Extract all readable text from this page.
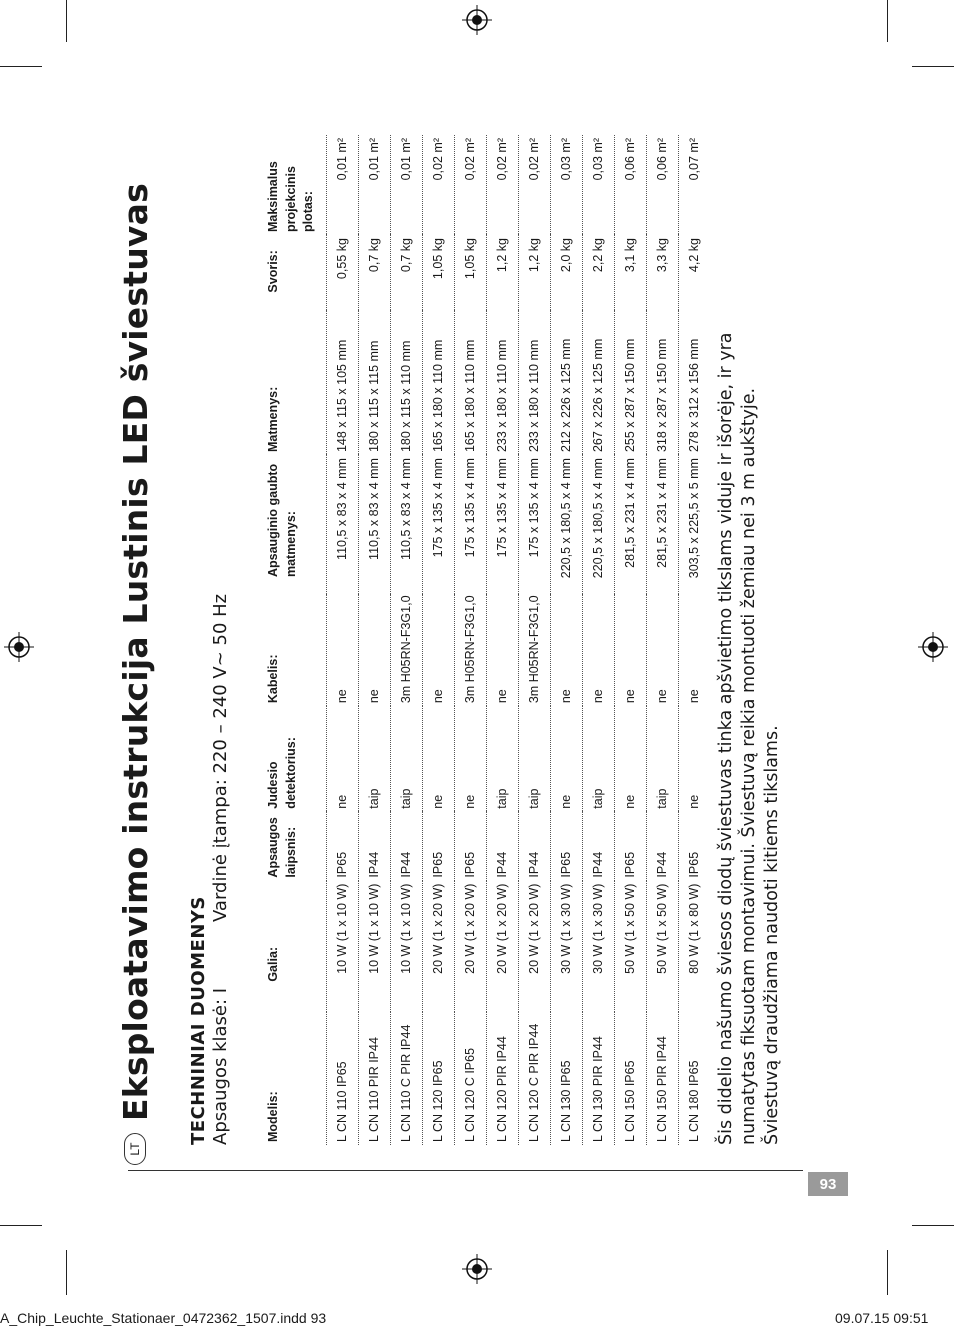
93
LT
Eksploatavimo instrukcija Lustinis LED šviestuvas TECHNINIAI DUOMENYS Apsaugos klasė: I
Vardinė įtampa: 220 – 240 V~ 50 Hz
Modelis:	Galia:	Apsaugos laipsnis:	Judesio detektorius:	Kabelis:	Apsauginio gaubto matmenys:	Matmenys:	Svoris:	Maksimalus projekcinis plotas:
L CN 110 IP65	10 W (1 x 10 W)	IP65	ne	ne	110,5 x 83 x 4 mm	148 x 115 x 105 mm	0,55 kg	0,01 m²
L CN 110 PIR IP44	10 W (1 x 10 W)	IP44	taip	ne	110,5 x 83 x 4 mm	180 x 115 x 115 mm	0,7 kg	0,01 m²
L CN 110 C PIR IP44	10 W (1 x 10 W)	IP44	taip	3m H05RN-F3G1,0	110,5 x 83 x 4 mm	180 x 115 x 110 mm	0,7 kg	0,01 m²
L CN 120 IP65	20 W (1 x 20 W)	IP65	ne	ne	175 x 135 x 4 mm	165 x 180 x 110 mm	1,05 kg	0,02 m²
L CN 120 C IP65	20 W (1 x 20 W)	IP65	ne	3m H05RN-F3G1,0	175 x 135 x 4 mm	165 x 180 x 110 mm	1,05 kg	0,02 m²
L CN 120 PIR IP44	20 W (1 x 20 W)	IP44	taip	ne	175 x 135 x 4 mm	233 x 180 x 110 mm	1,2 kg	0,02 m²
L CN 120 C PIR IP44	20 W (1 x 20 W)	IP44	taip	3m H05RN-F3G1,0	175 x 135 x 4 mm	233 x 180 x 110 mm	1,2 kg	0,02 m²
L CN 130 IP65	30 W (1 x 30 W)	IP65	ne	ne	220,5 x 180,5 x 4 mm	212 x 226 x 125 mm	2,0 kg	0,03 m²
L CN 130 PIR IP44	30 W (1 x 30 W)	IP44	taip	ne	220,5 x 180,5 x 4 mm	267 x 226 x 125 mm	2,2 kg	0,03 m²
L CN 150 IP65	50 W (1 x 50 W)	IP65	ne	ne	281,5 x 231 x 4 mm	255 x 287 x 150 mm	3,1 kg	0,06 m²
L CN 150 PIR IP44	50 W (1 x 50 W)	IP44	taip	ne	281,5 x 231 x 4 mm	318 x 287 x 150 mm	3,3 kg	0,06 m²
L CN 180 IP65	80 W (1 x 80 W)	IP65	ne	ne	303,5 x 225,5 x 5 mm	278 x 312 x 156 mm	4,2 kg	0,07 m²

Šis didelio našumo šviesos diodų šviestuvas tinka apšvietimo tikslams viduje ir išorėje, ir yra numatytas fiksuotam montavimui. Šviestuvą reikia montuoti žemiau nei 3 m aukštyje. Šviestuvą draudžiama naudoti kitiems tikslams.

A_Chip_Leuchte_Stationaer_0472362_1507.indd 93	09.07.15 09:51
